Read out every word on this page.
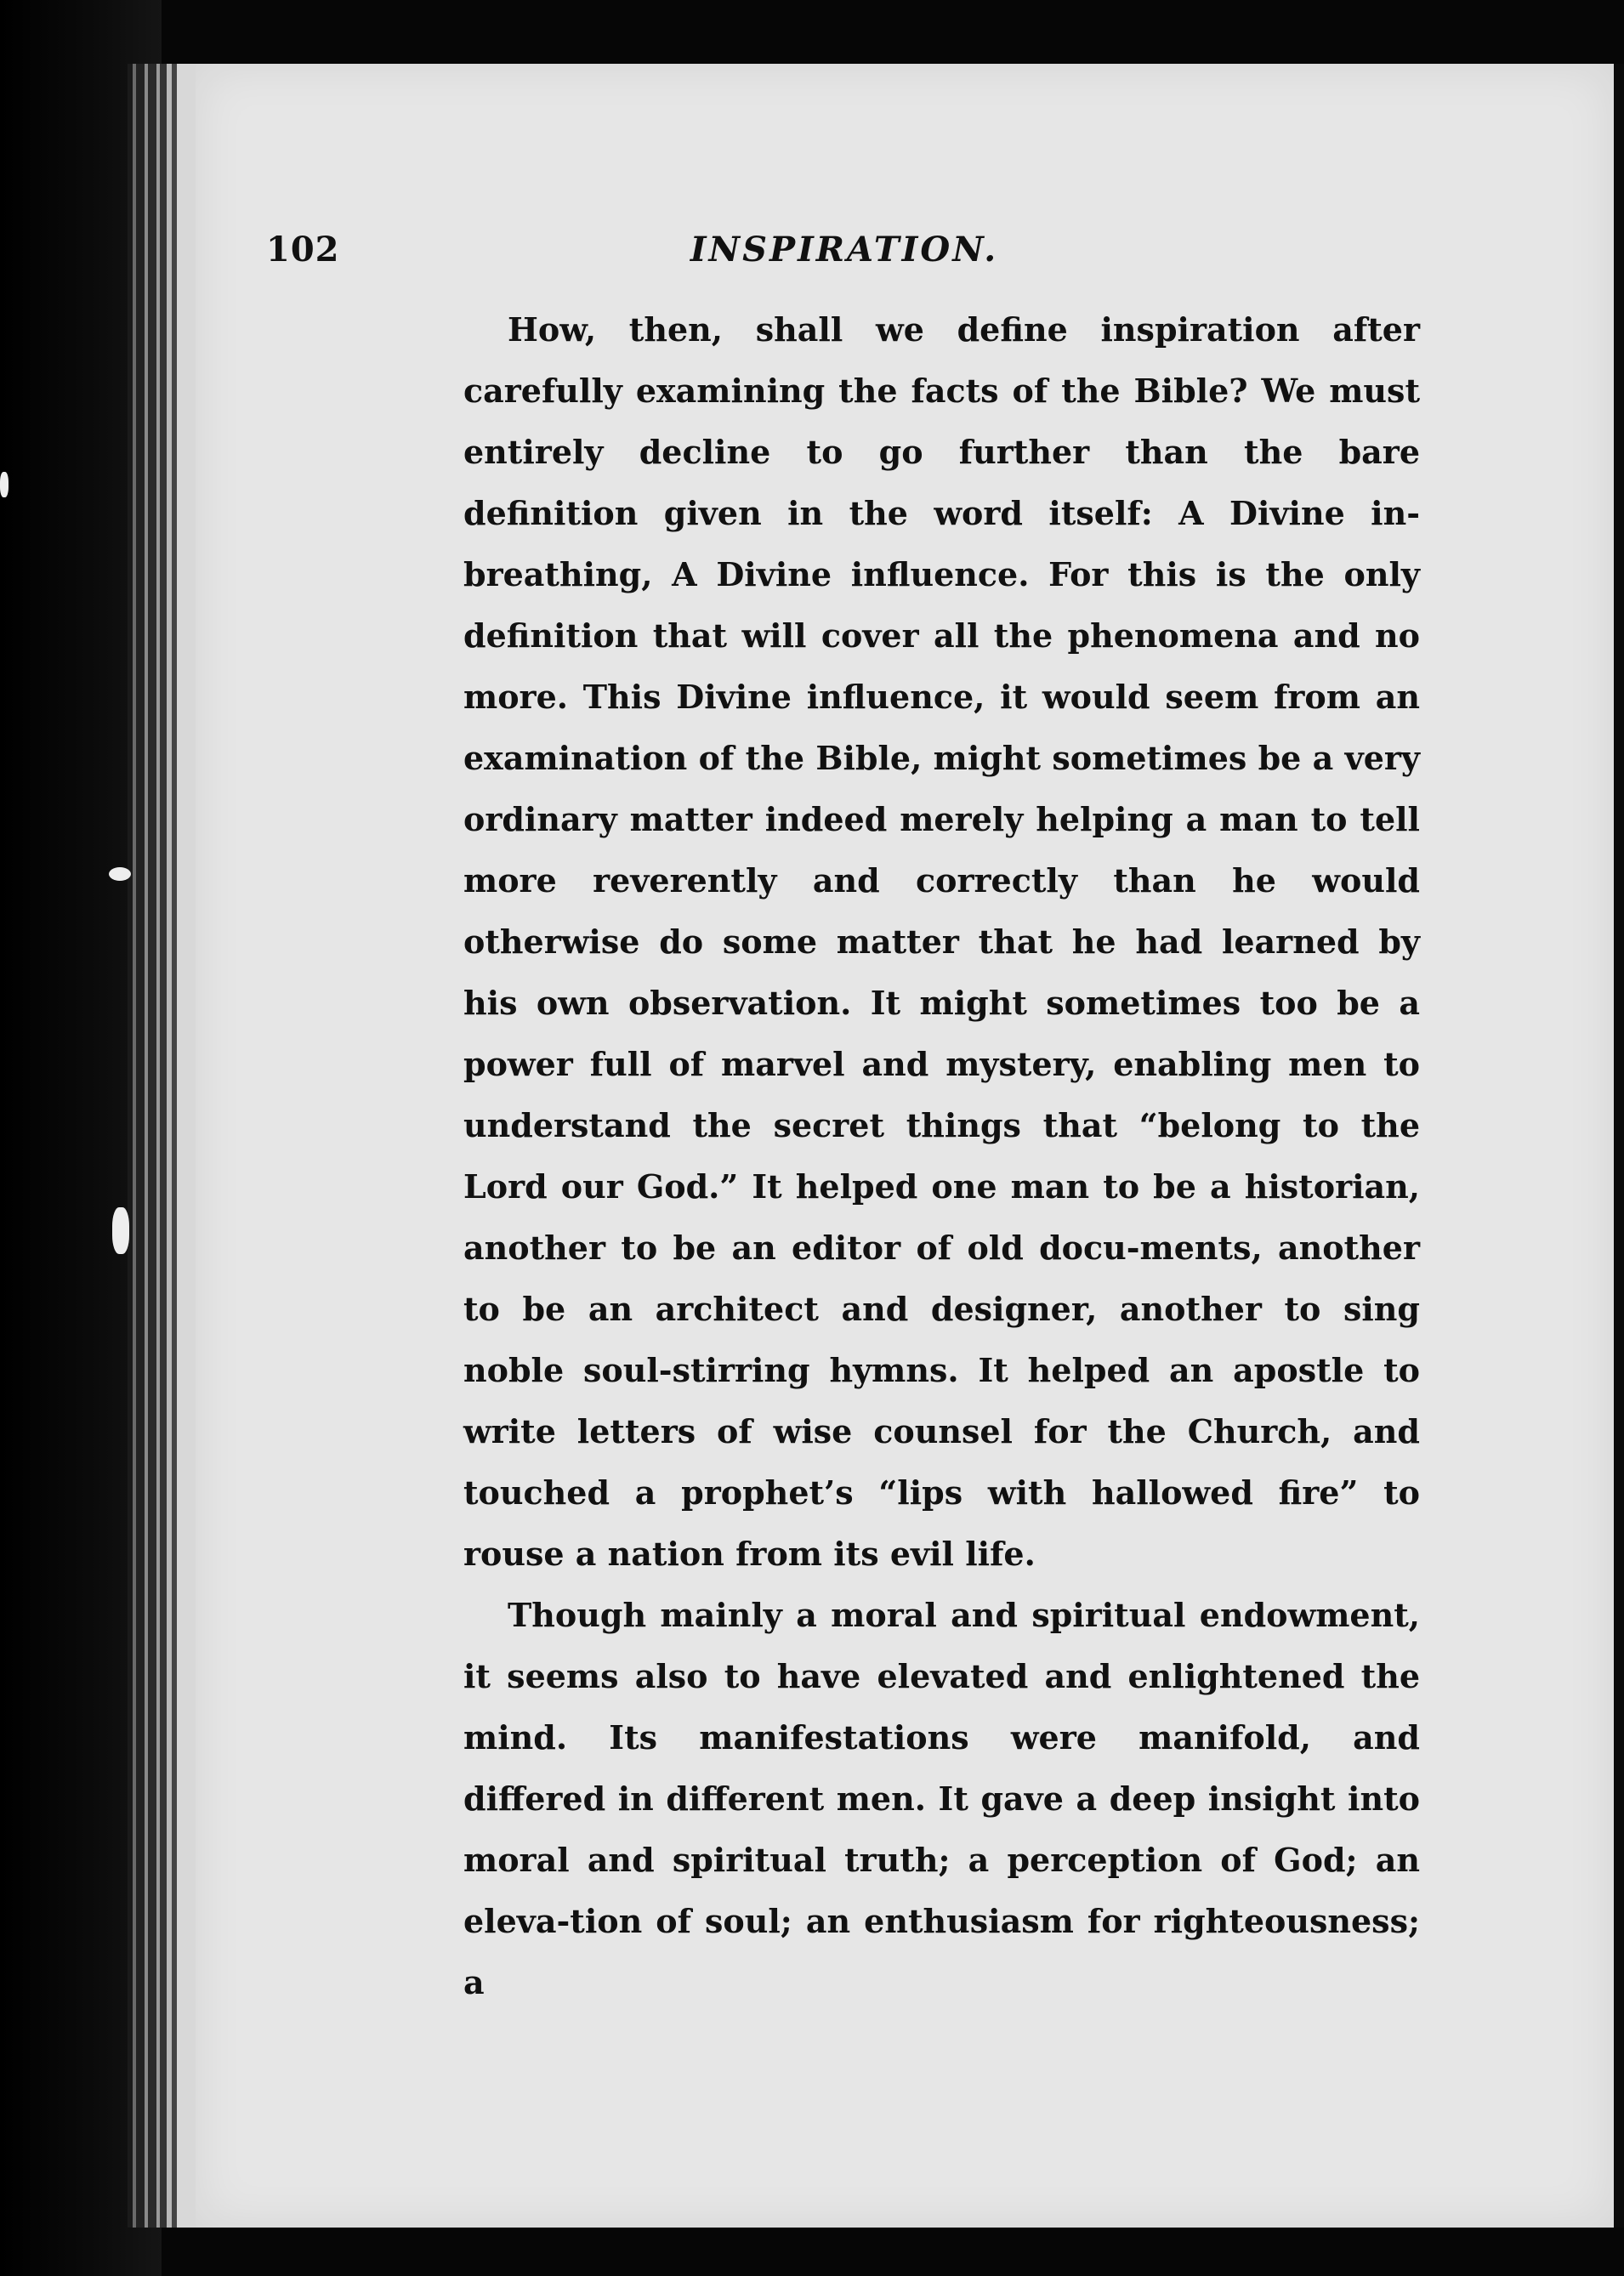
102	INSPIRATION.

How, then, shall we define inspiration after carefully examining the facts of the Bible? We must entirely decline to go further than the bare definition given in the word itself: A Divine in-breathing, A Divine influence. For this is the only definition that will cover all the phenomena and no more. This Divine influence, it would seem from an examination of the Bible, might sometimes be a very ordinary matter indeed merely helping a man to tell more reverently and correctly than he would otherwise do some matter that he had learned by his own observation. It might sometimes too be a power full of marvel and mystery, enabling men to understand the secret things that “belong to the Lord our God.” It helped one man to be a historian, another to be an editor of old docu-ments, another to be an architect and designer, another to sing noble soul-stirring hymns. It helped an apostle to write letters of wise counsel for the Church, and touched a prophet’s “lips with hallowed fire” to rouse a nation from its evil life.

Though mainly a moral and spiritual endowment, it seems also to have elevated and enlightened the mind. Its manifestations were manifold, and differed in different men. It gave a deep insight into moral and spiritual truth; a perception of God; an eleva-tion of soul; an enthusiasm for righteousness; a
